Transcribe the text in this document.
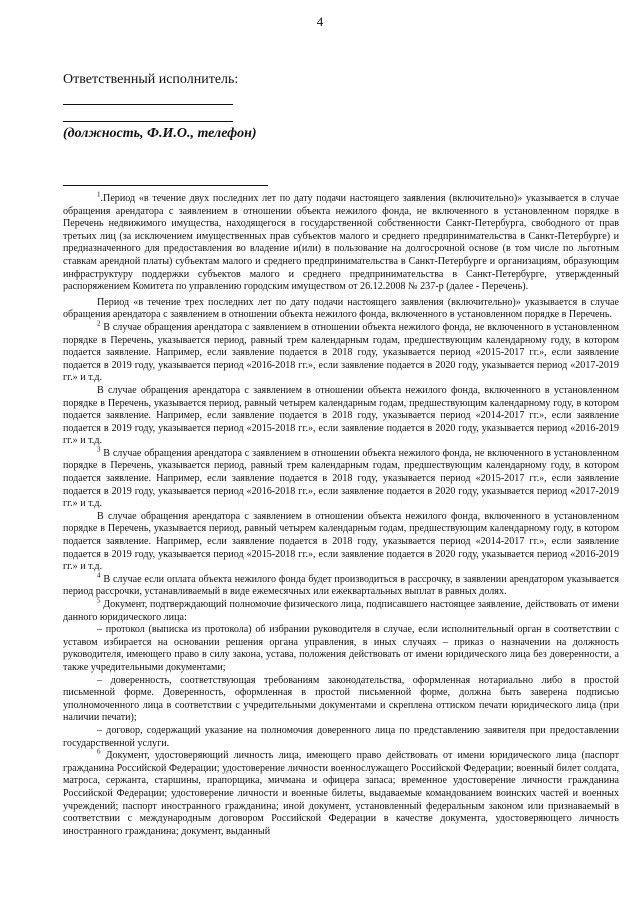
4
Ответственный исполнитель:
(должность, Ф.И.О., телефон)

$^1$.Период «в течение двух последних лет по дату подачи настоящего заявления (включительно)» указывается в случае обращения арендатора с заявлением в отношении объекта нежилого фонда, не включенного в установленном порядке в Перечень недвижимого имущества, находящегося в государственной собственности Санкт-Петербурга, свободного от прав третьих лиц (за исключением имущественных прав субъектов малого и среднего предпринимательства в Санкт-Петербурге) и предназначенного для предоставления во владение и(или) в пользование на долгосрочной основе (в том числе по льготным ставкам арендной платы) субъектам малого и среднего предпринимательства в Санкт-Петербурге и организациям, образующим инфраструктуру поддержки субъектов малого и среднего предпринимательства в Санкт-Петербурге, утвержденный распоряжением Комитета по управлению городским имуществом от 26.12.2008 № 237-р (далее - Перечень).

Период «в течение трех последних лет по дату подачи настоящего заявления (включительно)» указывается в случае обращения арендатора с заявлением в отношении объекта нежилого фонда, включенного в установленном порядке в Перечень.

$^2$ В случае обращения арендатора с заявлением в отношении объекта нежилого фонда, не включенного в установленном порядке в Перечень, указывается период, равный трем календарным годам, предшествующим календарному году, в котором подается заявление. Например, если заявление подается в 2018 году, указывается период «2015-2017 гг.», если заявление подается в 2019 году, указывается период «2016-2018 гг.», если заявление подается в 2020 году, указывается период «2017-2019 гг.» и т.д.

В случае обращения арендатора с заявлением в отношении объекта нежилого фонда, включенного в установленном порядке в Перечень, указывается период, равный четырем календарным годам, предшествующим календарному году, в котором подается заявление. Например, если заявление подается в 2018 году, указывается период «2014-2017 гг.», если заявление подается в 2019 году, указывается период «2015-2018 гг.», если заявление подается в 2020 году, указывается период «2016-2019 гг.» и т.д.

$^3$ В случае обращения арендатора с заявлением в отношении объекта нежилого фонда, не включенного в установленном порядке в Перечень, указывается период, равный трем календарным годам, предшествующим календарному году, в котором подается заявление. Например, если заявление подается в 2018 году, указывается период «2015-2017 гг.», если заявление подается в 2019 году, указывается период «2016-2018 гг.», если заявление подается в 2020 году, указывается период «2017-2019 гг.» и т.д.

В случае обращения арендатора с заявлением в отношении объекта нежилого фонда, включенного в установленном порядке в Перечень, указывается период, равный четырем календарным годам, предшествующим календарному году, в котором подается заявление. Например, если заявление подается в 2018 году, указывается период «2014-2017 гг.», если заявление подается в 2019 году, указывается период «2015-2018 гг.», если заявление подается в 2020 году, указывается период «2016-2019 гг.» и т.д.

$^4$ В случае если оплата объекта нежилого фонда будет производиться в рассрочку, в заявлении арендатором указывается период рассрочки, устанавливаемый в виде ежемесячных или ежеквартальных выплат в равных долях.

$^5$ Документ, подтверждающий полномочие физического лица, подписавшего настоящее заявление, действовать от имени данного юридического лица:

– протокол (выписка из протокола) об избрании руководителя в случае, если исполнительный орган в соответствии с уставом избирается на основании решения органа управления, в иных случаях – приказ о назначении на должность руководителя, имеющего право в силу закона, устава, положения действовать от имени юридического лица без доверенности, а также учредительными документами;

– доверенность, соответствующая требованиям законодательства, оформленная нотариально либо в простой письменной форме. Доверенность, оформленная в простой письменной форме, должна быть заверена подписью уполномоченного лица в соответствии с учредительными документами и скреплена оттиском печати юридического лица (при наличии печати);

– договор, содержащий указание на полномочия доверенного лица по представлению заявителя при предоставлении государственной услуги.

$^6$ Документ, удостоверяющий личность лица, имеющего право действовать от имени юридического лица (паспорт гражданина Российской Федерации; удостоверение личности военнослужащего Российской Федерации; военный билет солдата, матроса, сержанта, старшины, прапорщика, мичмана и офицера запаса; временное удостоверение личности гражданина Российской Федерации; удостоверение личности и военные билеты, выдаваемые командованием воинских частей и военных учреждений; паспорт иностранного гражданина; иной документ, установленный федеральным законом или признаваемый в соответствии с международным договором Российской Федерации в качестве документа, удостоверяющего личность иностранного гражданина; документ, выданный
